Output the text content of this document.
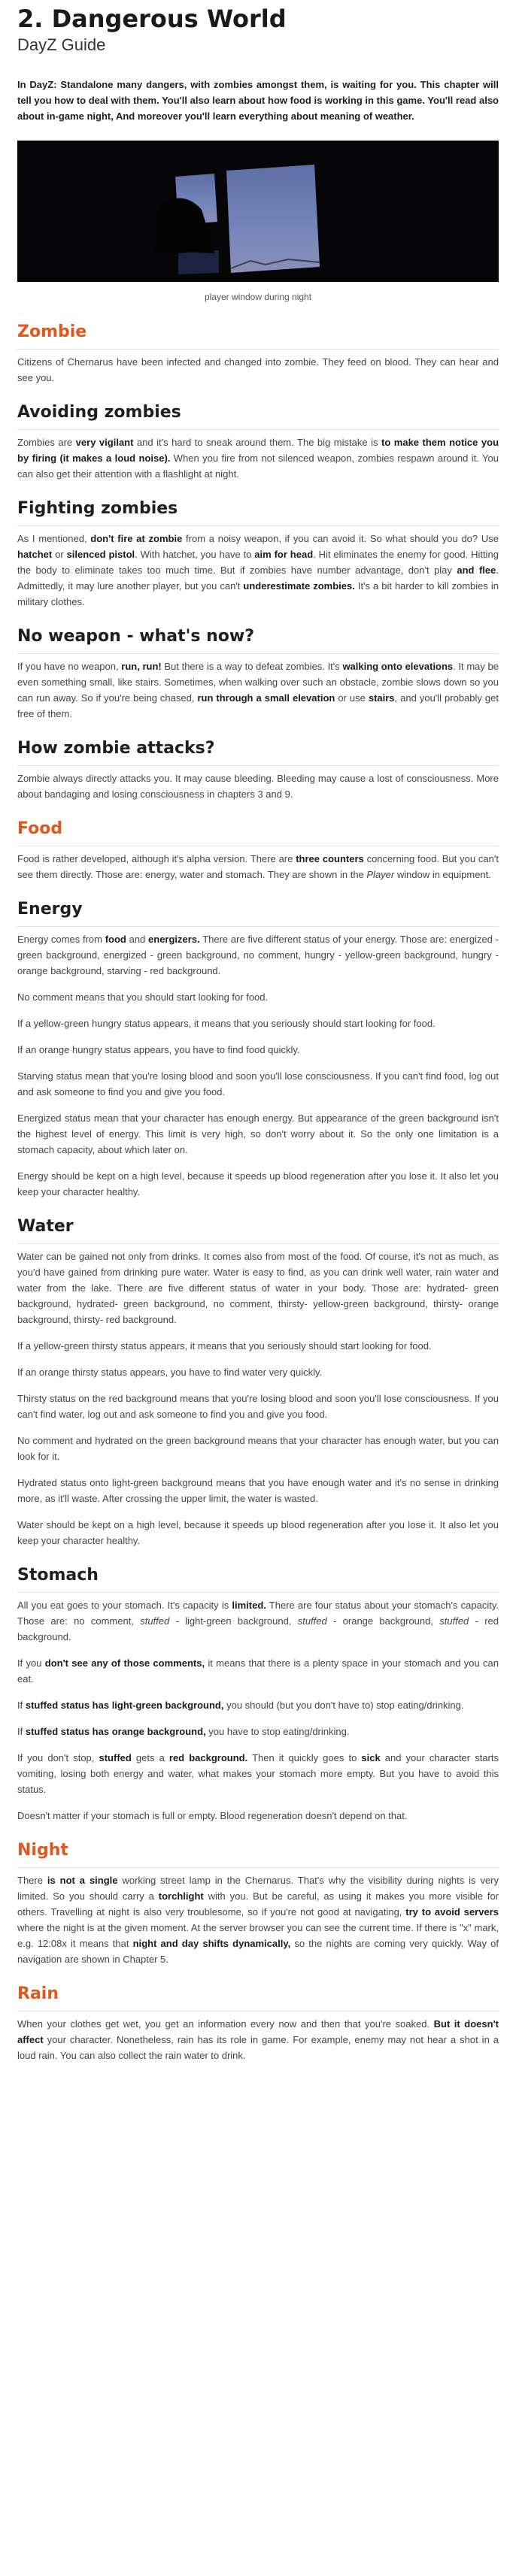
2. Dangerous World
DayZ Guide

In DayZ: Standalone many dangers, with zombies amongst them, is waiting for you. This chapter will tell you how to deal with them. You'll also learn about how food is working in this game. You'll read also about in-game night, And moreover you'll learn everything about meaning of weather.

player window during night
Zombie

Citizens of Chernarus have been infected and changed into zombie. They feed on blood. They can hear and see you.

Avoiding zombies

Zombies are very vigilant and it's hard to sneak around them. The big mistake is to make them notice you by firing (it makes a loud noise). When you fire from not silenced weapon, zombies respawn around it. You can also get their attention with a flashlight at night.

Fighting zombies

As I mentioned, don't fire at zombie from a noisy weapon, if you can avoid it. So what should you do? Use hatchet or silenced pistol. With hatchet, you have to aim for head. Hit eliminates the enemy for good. Hitting the body to eliminate takes too much time. But if zombies have number advantage, don't play and flee. Admittedly, it may lure another player, but you can't underestimate zombies. It's a bit harder to kill zombies in military clothes.

No weapon - what's now?

If you have no weapon, run, run! But there is a way to defeat zombies. It's walking onto elevations. It may be even something small, like stairs. Sometimes, when walking over such an obstacle, zombie slows down so you can run away. So if you're being chased, run through a small elevation or use stairs, and you'll probably get free of them.

How zombie attacks?

Zombie always directly attacks you. It may cause bleeding. Bleeding may cause a lost of consciousness. More about bandaging and losing consciousness in chapters 3 and 9.

Food

Food is rather developed, although it's alpha version. There are three counters concerning food. But you can't see them directly. Those are: energy, water and stomach. They are shown in the Player window in equipment.

Energy

Energy comes from food and energizers. There are five different status of your energy. Those are: energized - green background, energized - green background, no comment, hungry - yellow-green background, hungry - orange background, starving - red background.

No comment means that you should start looking for food.

If a yellow-green hungry status appears, it means that you seriously should start looking for food.

If an orange hungry status appears, you have to find food quickly.

Starving status mean that you're losing blood and soon you'll lose consciousness. If you can't find food, log out and ask someone to find you and give you food.

Energized status mean that your character has enough energy. But appearance of the green background isn't the highest level of energy. This limit is very high, so don't worry about it. So the only one limitation is a stomach capacity, about which later on.

Energy should be kept on a high level, because it speeds up blood regeneration after you lose it. It also let you keep your character healthy.

Water

Water can be gained not only from drinks. It comes also from most of the food. Of course, it's not as much, as you'd have gained from drinking pure water. Water is easy to find, as you can drink well water, rain water and water from the lake. There are five different status of water in your body. Those are: hydrated- green background, hydrated- green background, no comment, thirsty- yellow-green background, thirsty- orange background, thirsty- red background.

If a yellow-green thirsty status appears, it means that you seriously should start looking for food.

If an orange thirsty status appears, you have to find water very quickly.

Thirsty status on the red background means that you're losing blood and soon you'll lose consciousness. If you can't find water, log out and ask someone to find you and give you food.

No comment and hydrated on the green background means that your character has enough water, but you can look for it.

Hydrated status onto light-green background means that you have enough water and it's no sense in drinking more, as it'll waste. After crossing the upper limit, the water is wasted.

Water should be kept on a high level, because it speeds up blood regeneration after you lose it. It also let you keep your character healthy.

Stomach

All you eat goes to your stomach. It's capacity is limited. There are four status about your stomach's capacity. Those are: no comment, stuffed - light-green background, stuffed - orange background, stuffed - red background.

If you don't see any of those comments, it means that there is a plenty space in your stomach and you can eat.

If stuffed status has light-green background, you should (but you don't have to) stop eating/drinking.

If stuffed status has orange background, you have to stop eating/drinking.

If you don't stop, stuffed gets a red background. Then it quickly goes to sick and your character starts vomiting, losing both energy and water, what makes your stomach more empty. But you have to avoid this status.

Doesn't matter if your stomach is full or empty. Blood regeneration doesn't depend on that.

Night

There is not a single working street lamp in the Chernarus. That's why the visibility during nights is very limited. So you should carry a torchlight with you. But be careful, as using it makes you more visible for others. Travelling at night is also very troublesome, so if you're not good at navigating, try to avoid servers where the night is at the given moment. At the server browser you can see the current time. If there is "x" mark, e.g. 12:08x it means that night and day shifts dynamically, so the nights are coming very quickly. Way of navigation are shown in Chapter 5.

Rain

When your clothes get wet, you get an information every now and then that you're soaked. But it doesn't affect your character. Nonetheless, rain has its role in game. For example, enemy may not hear a shot in a loud rain. You can also collect the rain water to drink.
